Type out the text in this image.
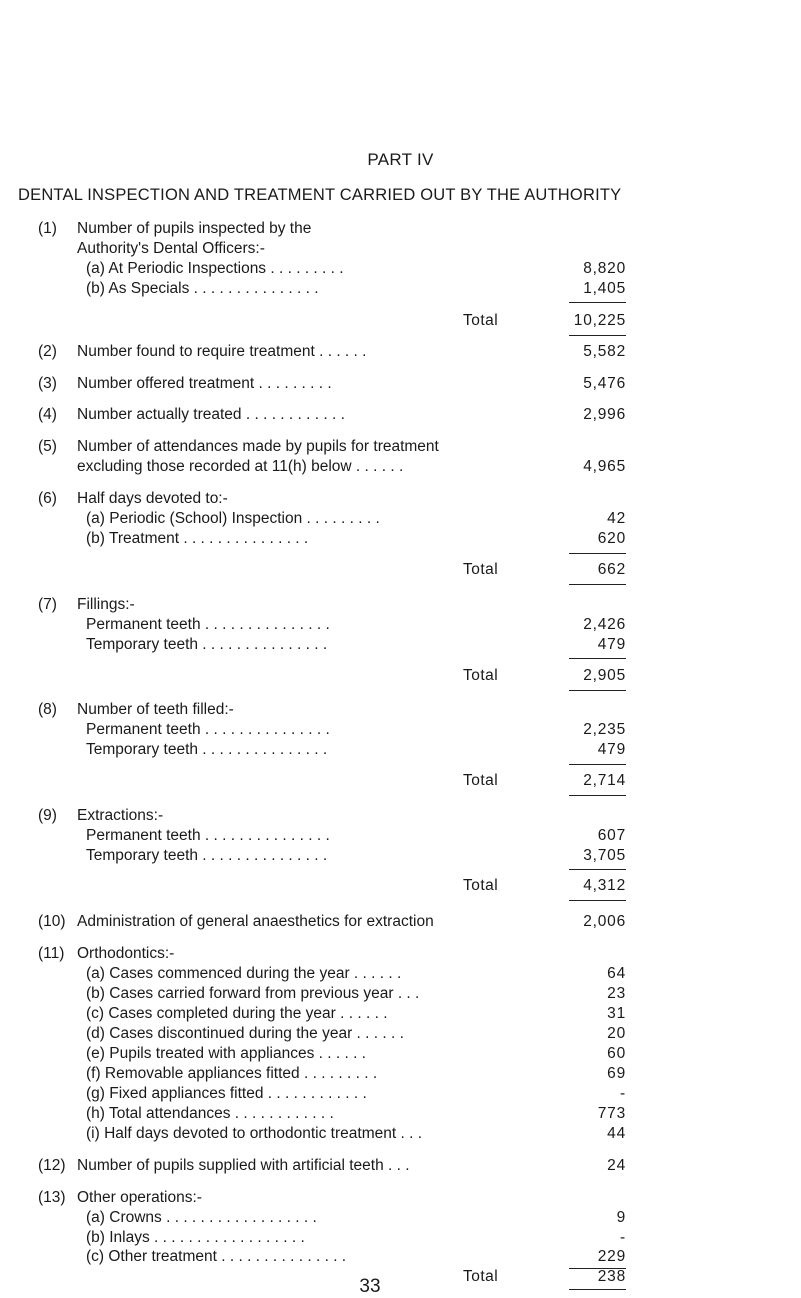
PART IV
DENTAL INSPECTION AND TREATMENT CARRIED OUT BY THE AUTHORITY
(1) Number of pupils inspected by the
Authority's Dental Officers:-
(a) At Periodic Inspections . . . . . . . . .	8,820
(b) As Specials . . . . . . . . . . . . . . .	1,405
Total	10,225
(2) Number found to require treatment . . . . . .	5,582
(3) Number offered treatment . . . . . . . . .	5,476
(4) Number actually treated . . . . . . . . . . . .	2,996
(5) Number of attendances made by pupils for treatment
excluding those recorded at 11(h) below . . . . . .	4,965
(6) Half days devoted to:-
(a) Periodic (School) Inspection . . . . . . . . .	42
(b) Treatment . . . . . . . . . . . . . . .	620
Total	662
(7) Fillings:-
Permanent teeth . . . . . . . . . . . . . . .	2,426
Temporary teeth . . . . . . . . . . . . . . .	479
Total	2,905
(8) Number of teeth filled:-
Permanent teeth . . . . . . . . . . . . . . .	2,235
Temporary teeth . . . . . . . . . . . . . . .	479
Total	2,714
(9) Extractions:-
Permanent teeth . . . . . . . . . . . . . . .	607
Temporary teeth . . . . . . . . . . . . . . .	3,705
Total	4,312
(10) Administration of general anaesthetics for extraction	2,006
(11) Orthodontics:-
(a) Cases commenced during the year . . . . . .	64
(b) Cases carried forward from previous year . . .	23
(c) Cases completed during the year . . . . . .	31
(d) Cases discontinued during the year . . . . . .	20
(e) Pupils treated with appliances . . . . . .	60
(f) Removable appliances fitted . . . . . . . . .	69
(g) Fixed appliances fitted . . . . . . . . . . . .	-
(h) Total attendances . . . . . . . . . . . .	773
(i) Half days devoted to orthodontic treatment . . .	44
(12) Number of pupils supplied with artificial teeth . . .	24
(13) Other operations:-
(a) Crowns . . . . . . . . . . . . . . . . . .	9
(b) Inlays . . . . . . . . . . . . . . . . . .	-
(c) Other treatment . . . . . . . . . . . . . . .	229
Total	238
33
